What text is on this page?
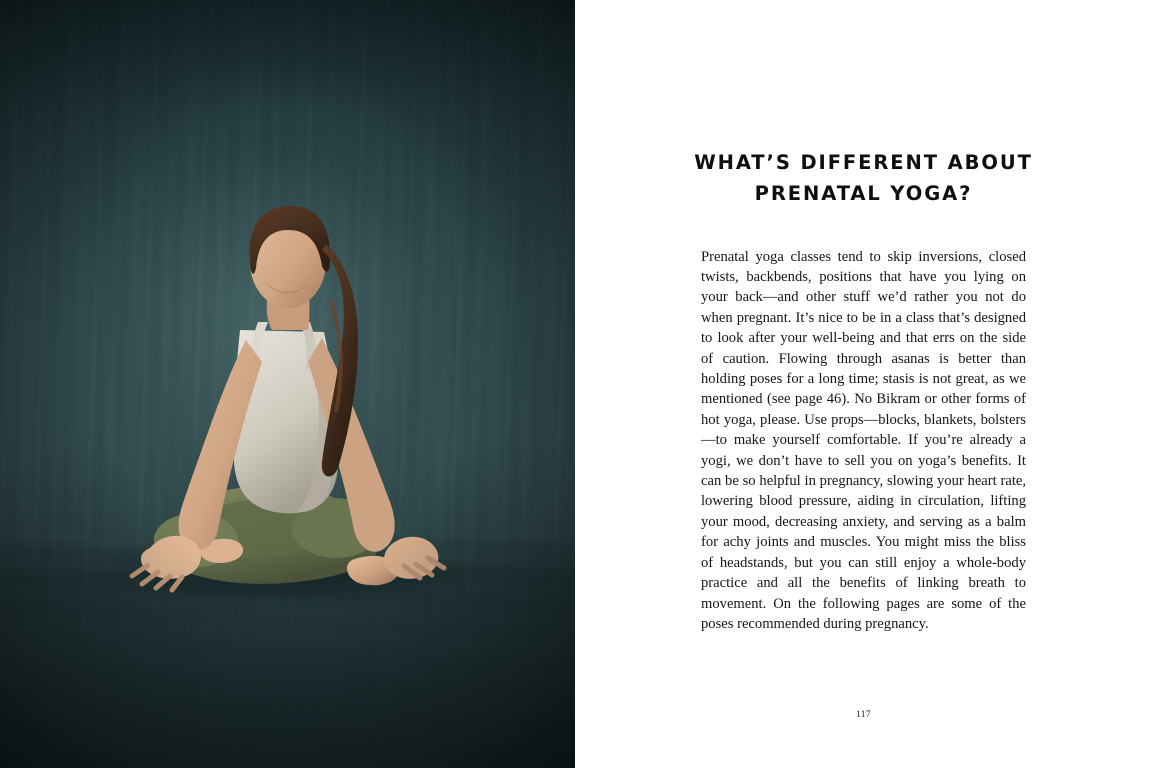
WHAT’S DIFFERENT ABOUT
PRENATAL YOGA?

Prenatal yoga classes tend to skip inversions, closed twists, backbends, positions that have you lying on your back—and other stuff we’d rather you not do when pregnant. It’s nice to be in a class that’s designed to look after your well-being and that errs on the side of caution. Flowing through asanas is better than holding poses for a long time; stasis is not great, as we mentioned (see page 46). No Bikram or other forms of hot yoga, please. Use props—blocks, blankets, bolsters—to make yourself comfortable. If you’re already a yogi, we don’t have to sell you on yoga’s benefits. It can be so helpful in pregnancy, slowing your heart rate, lowering blood pressure, aiding in circulation, lifting your mood, decreasing anxiety, and serving as a balm for achy joints and muscles. You might miss the bliss of headstands, but you can still enjoy a whole-body practice and all the benefits of linking breath to movement. On the following pages are some of the poses recommended during pregnancy.

117
